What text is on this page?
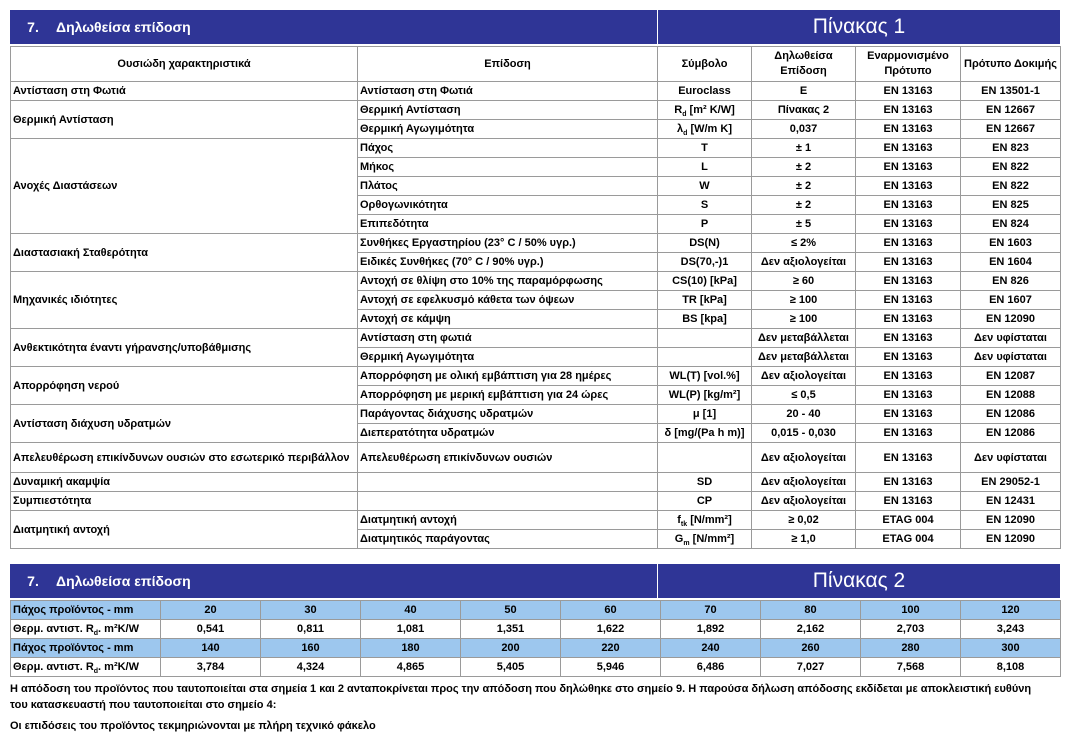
7.	Δηλωθείσα επίδοση	Πίνακας 1
Ουσιώδη χαρακτηριστικά	Επίδοση	Σύμβολο	Δηλωθείσα Επίδοση	Εναρμονισμένο Πρότυπο	Πρότυπο Δοκιμής
Αντίσταση στη Φωτιά	Αντίσταση στη Φωτιά	Euroclass	E	EN 13163	EN 13501-1
Θερμική Αντίσταση	Θερμική Αντίσταση	$R_d$ [m² K/W]	Πίνακας 2	EN 13163	EN 12667
	Θερμική Αγωγιμότητα	$\lambda_d$ [W/m K]	0,037	EN 13163	EN 12667
Ανοχές Διαστάσεων	Πάχος	T	± 1	EN 13163	EN 823
	Μήκος	L	± 2	EN 13163	EN 822
	Πλάτος	W	± 2	EN 13163	EN 822
	Ορθογωνικότητα	S	± 2	EN 13163	EN 825
	Επιπεδότητα	P	± 5	EN 13163	EN 824
Διαστασιακή Σταθερότητα	Συνθήκες Εργαστηρίου (23° C / 50% υγρ.)	DS(N)	≤ 2%	EN 13163	EN 1603
	Ειδικές Συνθήκες (70° C / 90% υγρ.)	DS(70,-)1	Δεν αξιολογείται	EN 13163	EN 1604
Μηχανικές ιδιότητες	Αντοχή σε θλίψη στο 10% της παραμόρφωσης	CS(10) [kPa]	≥ 60	EN 13163	EN 826
	Αντοχή σε εφελκυσμό κάθετα των όψεων	TR [kPa]	≥ 100	EN 13163	EN 1607
	Αντοχή σε κάμψη	BS [kpa]	≥ 100	EN 13163	EN 12090
Ανθεκτικότητα έναντι γήρανσης/υποβάθμισης	Αντίσταση στη φωτιά		Δεν μεταβάλλεται	EN 13163	Δεν υφίσταται
	Θερμική Αγωγιμότητα		Δεν μεταβάλλεται	EN 13163	Δεν υφίσταται
Απορρόφηση νερού	Απορρόφηση με ολική εμβάπτιση για 28 ημέρες	WL(T) [vol.%]	Δεν αξιολογείται	EN 13163	EN 12087
	Απορρόφηση με μερική εμβάπτιση για 24 ώρες	WL(P) [kg/m²]	≤ 0,5	EN 13163	EN 12088
Αντίσταση διάχυση υδρατμών	Παράγοντας διάχυσης υδρατμών	μ [1]	20 - 40	EN 13163	EN 12086
	Διεπερατότητα υδρατμών	δ [mg/(Pa h m)]	0,015 - 0,030	EN 13163	EN 12086
Απελευθέρωση επικίνδυνων ουσιών στο εσωτερικό περιβάλλον	Απελευθέρωση επικίνδυνων ουσιών		Δεν αξιολογείται	EN 13163	Δεν υφίσταται
Δυναμική ακαμψία		SD	Δεν αξιολογείται	EN 13163	EN 29052-1
Συμπιεστότητα		CP	Δεν αξιολογείται	EN 13163	EN 12431
Διατμητική αντοχή	Διατμητική αντοχή	$f_{tk}$ [N/mm²]	≥ 0,02	ETAG 004	EN 12090
	Διατμητικός παράγοντας	$G_m$ [N/mm²]	≥ 1,0	ETAG 004	EN 12090
7.	Δηλωθείσα επίδοση	Πίνακας 2
Πάχος προϊόντος - mm	20	30	40	50	60	70	80	100	120
Θερμ. αντιστ. $R_d$. m²K/W	0,541	0,811	1,081	1,351	1,622	1,892	2,162	2,703	3,243
Πάχος προϊόντος - mm	140	160	180	200	220	240	260	280	300
Θερμ. αντιστ. $R_d$. m²K/W	3,784	4,324	4,865	5,405	5,946	6,486	7,027	7,568	8,108
Η απόδοση του προϊόντος που ταυτοποιείται στα σημεία 1 και 2 ανταποκρίνεται προς την απόδοση που δηλώθηκε στο σημείο 9. Η παρούσα δήλωση απόδοσης εκδίδεται με αποκλειστική ευθύνη
του κατασκευαστή που ταυτοποιείται στο σημείο 4:
Οι επιδόσεις του προϊόντος τεκμηριώνονται με πλήρη τεχνικό φάκελο
